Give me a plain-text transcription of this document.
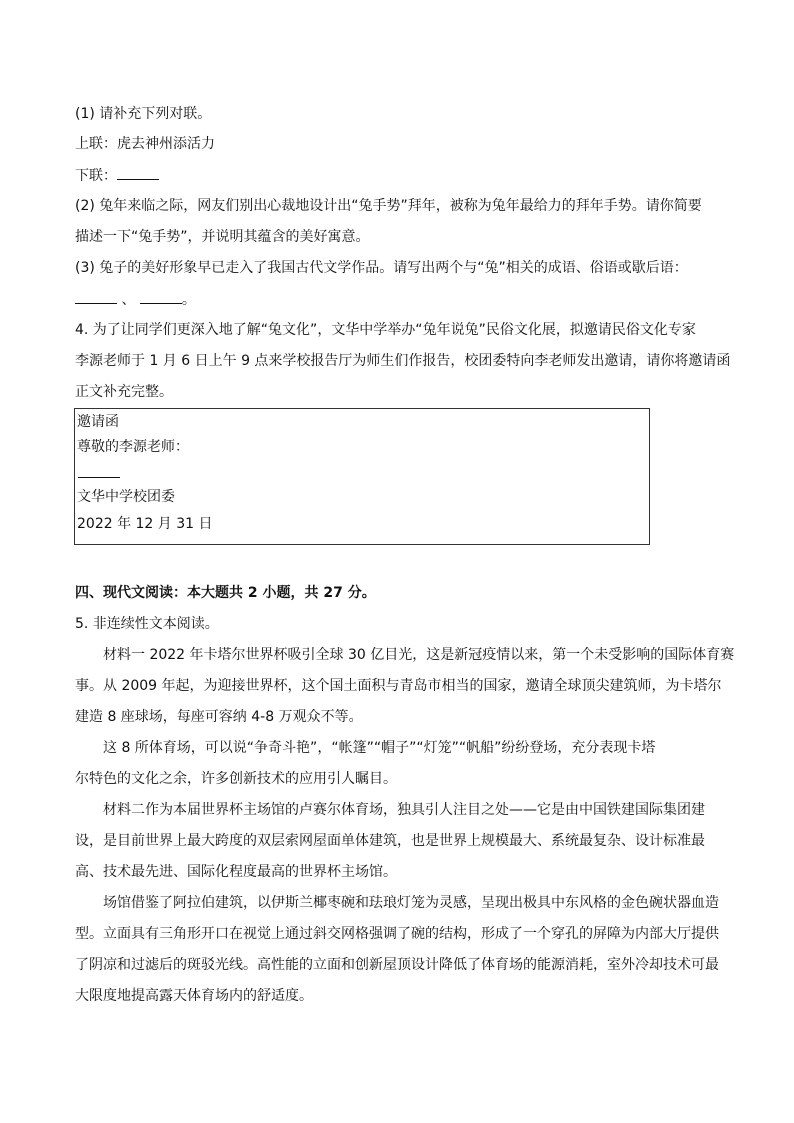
(1) 请补充下列对联。
上联：虎去神州添活力
下联：
(2) 兔年来临之际，网友们别出心裁地设计出“兔手势”拜年，被称为兔年最给力的拜年手势。请你简要
描述一下“兔手势”，并说明其蕴含的美好寓意。
(3) 兔子的美好形象早已走入了我国古代文学作品。请写出两个与“兔”相关的成语、俗语或歇后语：
、	。
4. 为了让同学们更深入地了解“兔文化”，文华中学举办“兔年说兔”民俗文化展，拟邀请民俗文化专家
李源老师于 1 月 6 日上午 9 点来学校报告厅为师生们作报告，校团委特向李老师发出邀请，请你将邀请函
正文补充完整。
邀请函
尊敬的李源老师：
文华中学校团委
2022 年 12 月 31 日
四、现代文阅读：本大题共 2 小题，共 27 分。
5. 非连续性文本阅读。
材料一 2022 年卡塔尔世界杯吸引全球 30 亿目光，这是新冠疫情以来，第一个未受影响的国际体育赛
事。从 2009 年起，为迎接世界杯，这个国土面积与青岛市相当的国家，邀请全球顶尖建筑师，为卡塔尔
建造 8 座球场，每座可容纳 4-8 万观众不等。
这 8 所体育场，可以说“争奇斗艳”，“帐篷”“帽子”“灯笼”“帆船”纷纷登场，充分表现卡塔
尔特色的文化之余，许多创新技术的应用引人瞩目。
材料二作为本届世界杯主场馆的卢赛尔体育场，独具引人注目之处——它是由中国铁建国际集团建
设，是目前世界上最大跨度的双层索网屋面单体建筑，也是世界上规模最大、系统最复杂、设计标准最
高、技术最先进、国际化程度最高的世界杯主场馆。
场馆借鉴了阿拉伯建筑，以伊斯兰椰枣碗和珐琅灯笼为灵感，呈现出极具中东风格的金色碗状器血造
型。立面具有三角形开口在视觉上通过斜交网格强调了碗的结构，形成了一个穿孔的屏障为内部大厅提供
了阴凉和过滤后的斑驳光线。高性能的立面和创新屋顶设计降低了体育场的能源消耗，室外冷却技术可最
大限度地提高露天体育场内的舒适度。
